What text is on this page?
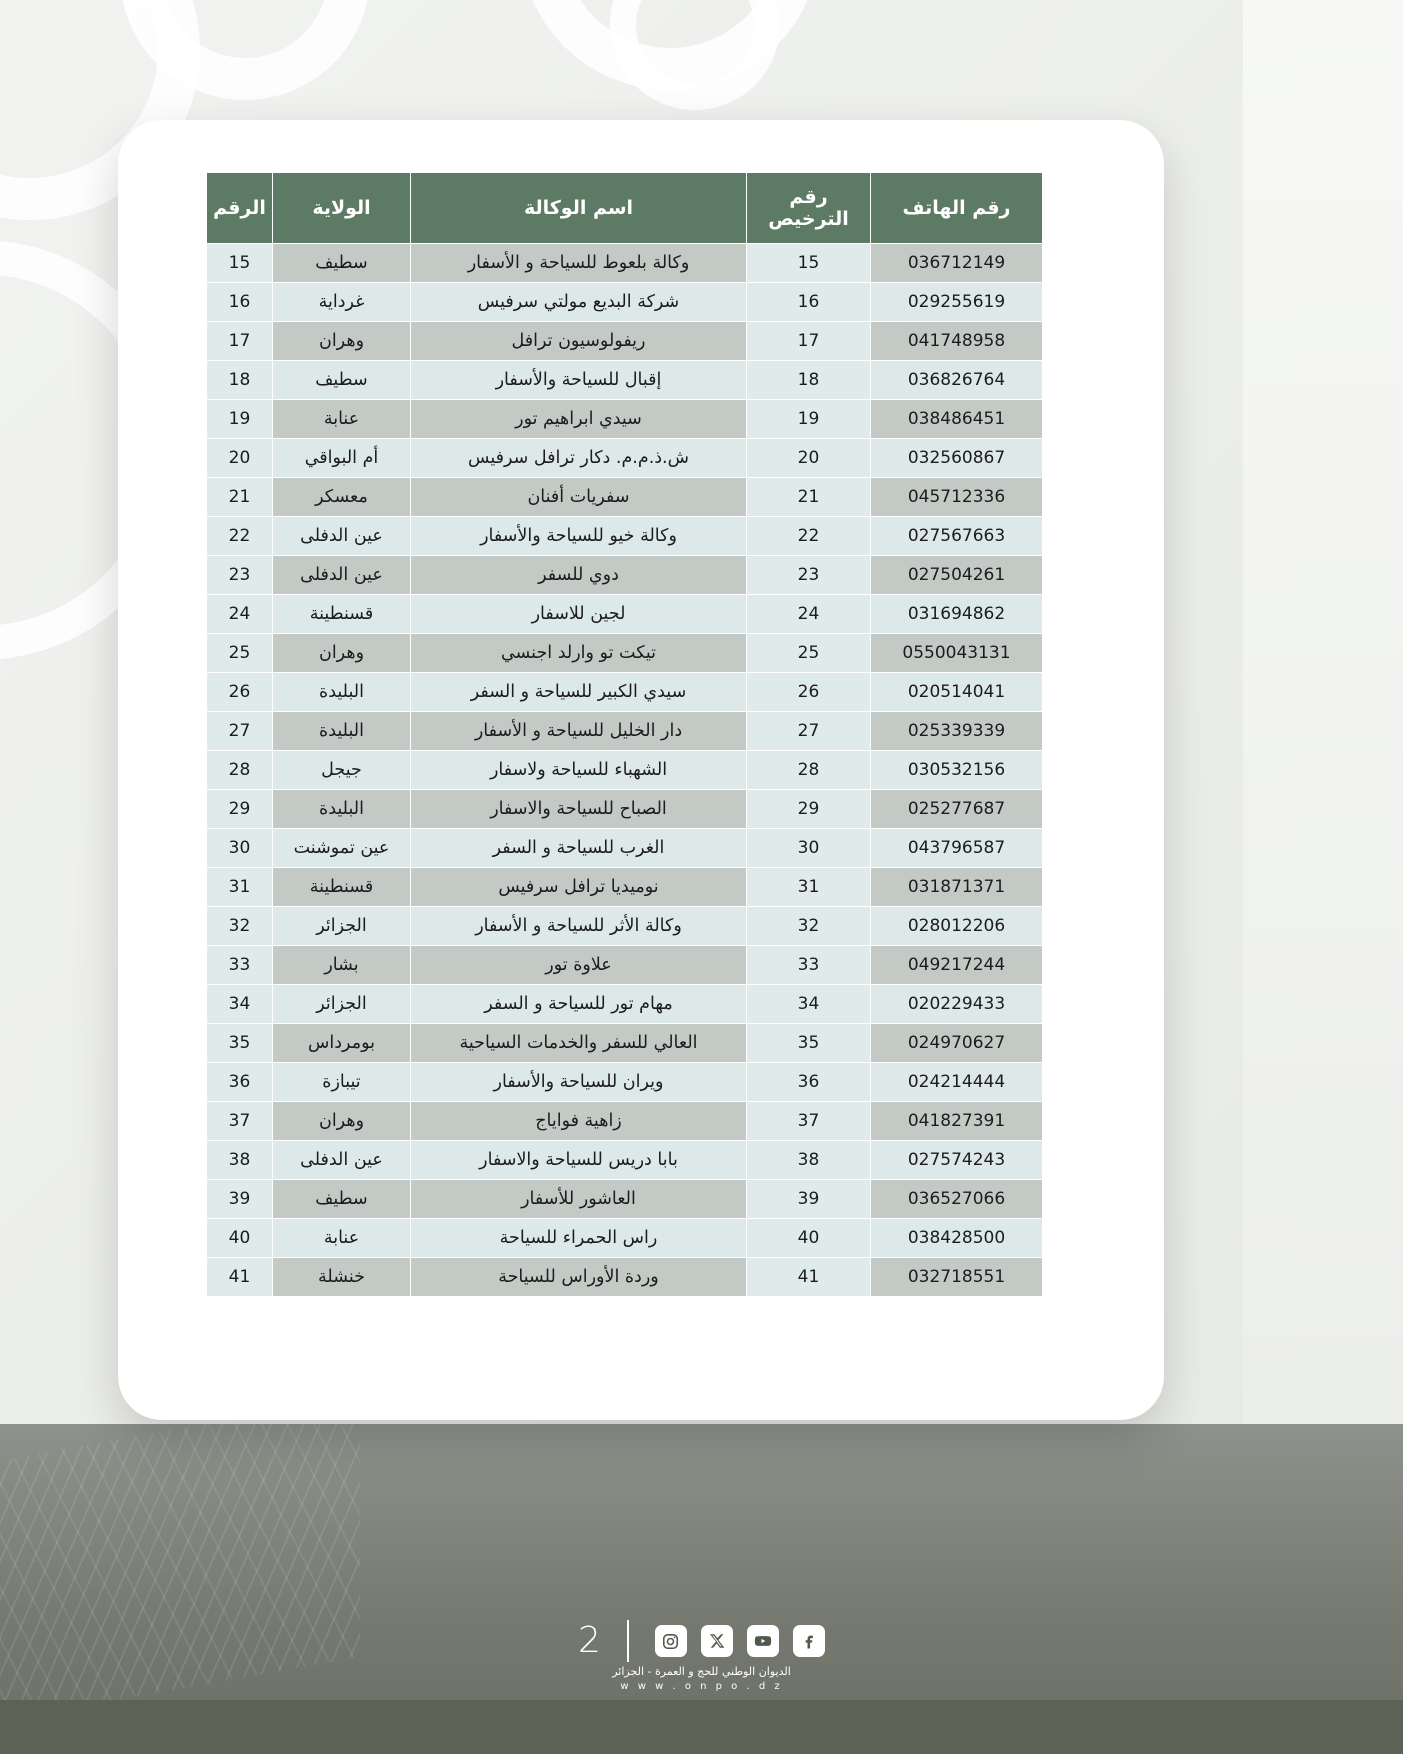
رقم الهاتف	رقم الترخيص	اسم الوكالة	الولاية	الرقم
036712149	15	وكالة بلعوط للسياحة و الأسفار	سطيف	15
029255619	16	شركة البديع مولتي سرفيس	غرداية	16
041748958	17	ريفولوسيون ترافل	وهران	17
036826764	18	إقبال للسياحة والأسفار	سطيف	18
038486451	19	سيدي ابراهيم تور	عنابة	19
032560867	20	ش.ذ.م.م. دكار ترافل سرفيس	أم البواقي	20
045712336	21	سفريات أفنان	معسكر	21
027567663	22	وكالة خيو للسياحة والأسفار	عين الدفلى	22
027504261	23	دوي للسفر	عين الدفلى	23
031694862	24	لجين للاسفار	قسنطينة	24
0550043131	25	تيكت تو وارلد اجنسي	وهران	25
020514041	26	سيدي الكبير للسياحة و السفر	البليدة	26
025339339	27	دار الخليل للسياحة و الأسفار	البليدة	27
030532156	28	الشهباء للسياحة ولاسفار	جيجل	28
025277687	29	الصباح للسياحة والاسفار	البليدة	29
043796587	30	الغرب للسياحة و السفر	عين تموشنت	30
031871371	31	نوميديا ترافل سرفيس	قسنطينة	31
028012206	32	وكالة الأثر للسياحة و الأسفار	الجزائر	32
049217244	33	علاوة تور	بشار	33
020229433	34	مهام تور للسياحة و السفر	الجزائر	34
024970627	35	العالي للسفر والخدمات السياحية	بومرداس	35
024214444	36	ويران للسياحة والأسفار	تيبازة	36
041827391	37	زاهية فواياج	وهران	37
027574243	38	بابا دريس للسياحة والاسفار	عين الدفلى	38
036527066	39	العاشور للأسفار	سطيف	39
038428500	40	راس الحمراء للسياحة	عنابة	40
032718551	41	وردة الأوراس للسياحة	خنشلة	41
2
الديوان الوطني للحج و العمرة - الجزائر
w w w . o n p o . d z
